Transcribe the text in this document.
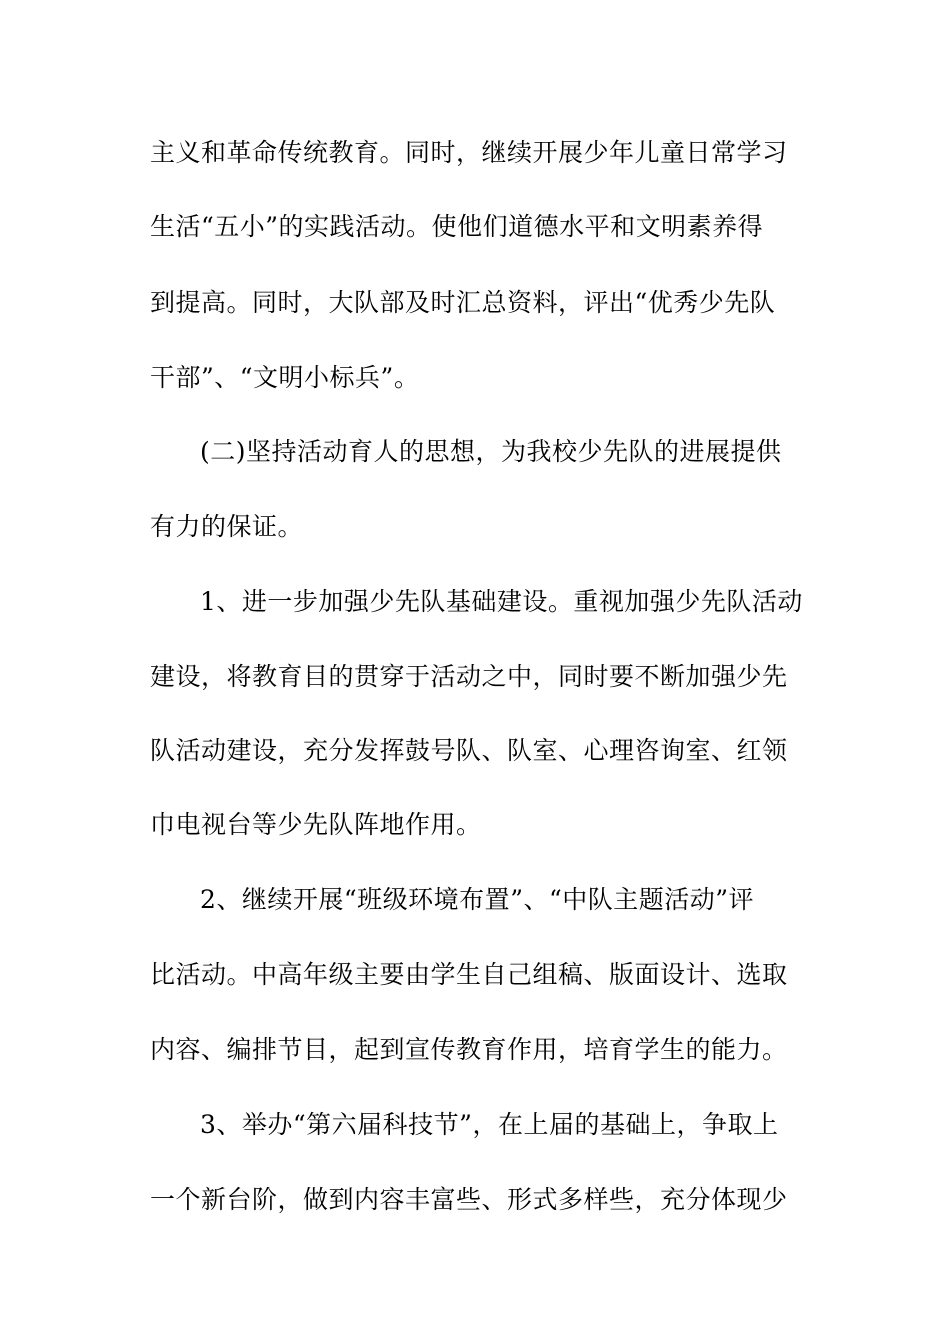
主义和革命传统教育。同时，继续开展少年儿童日常学习
生活“五小”的实践活动。使他们道德水平和文明素养得
到提高。同时，大队部及时汇总资料，评出“优秀少先队
干部”、“文明小标兵”。
(二)坚持活动育人的思想，为我校少先队的进展提供
有力的保证。
1、进一步加强少先队基础建设。重视加强少先队活动
建设，将教育目的贯穿于活动之中，同时要不断加强少先
队活动建设，充分发挥鼓号队、队室、心理咨询室、红领
巾电视台等少先队阵地作用。
2、继续开展“班级环境布置”、“中队主题活动”评
比活动。中高年级主要由学生自己组稿、版面设计、选取
内容、编排节目，起到宣传教育作用，培育学生的能力。
3、举办“第六届科技节”，在上届的基础上，争取上
一个新台阶，做到内容丰富些、形式多样些，充分体现少
